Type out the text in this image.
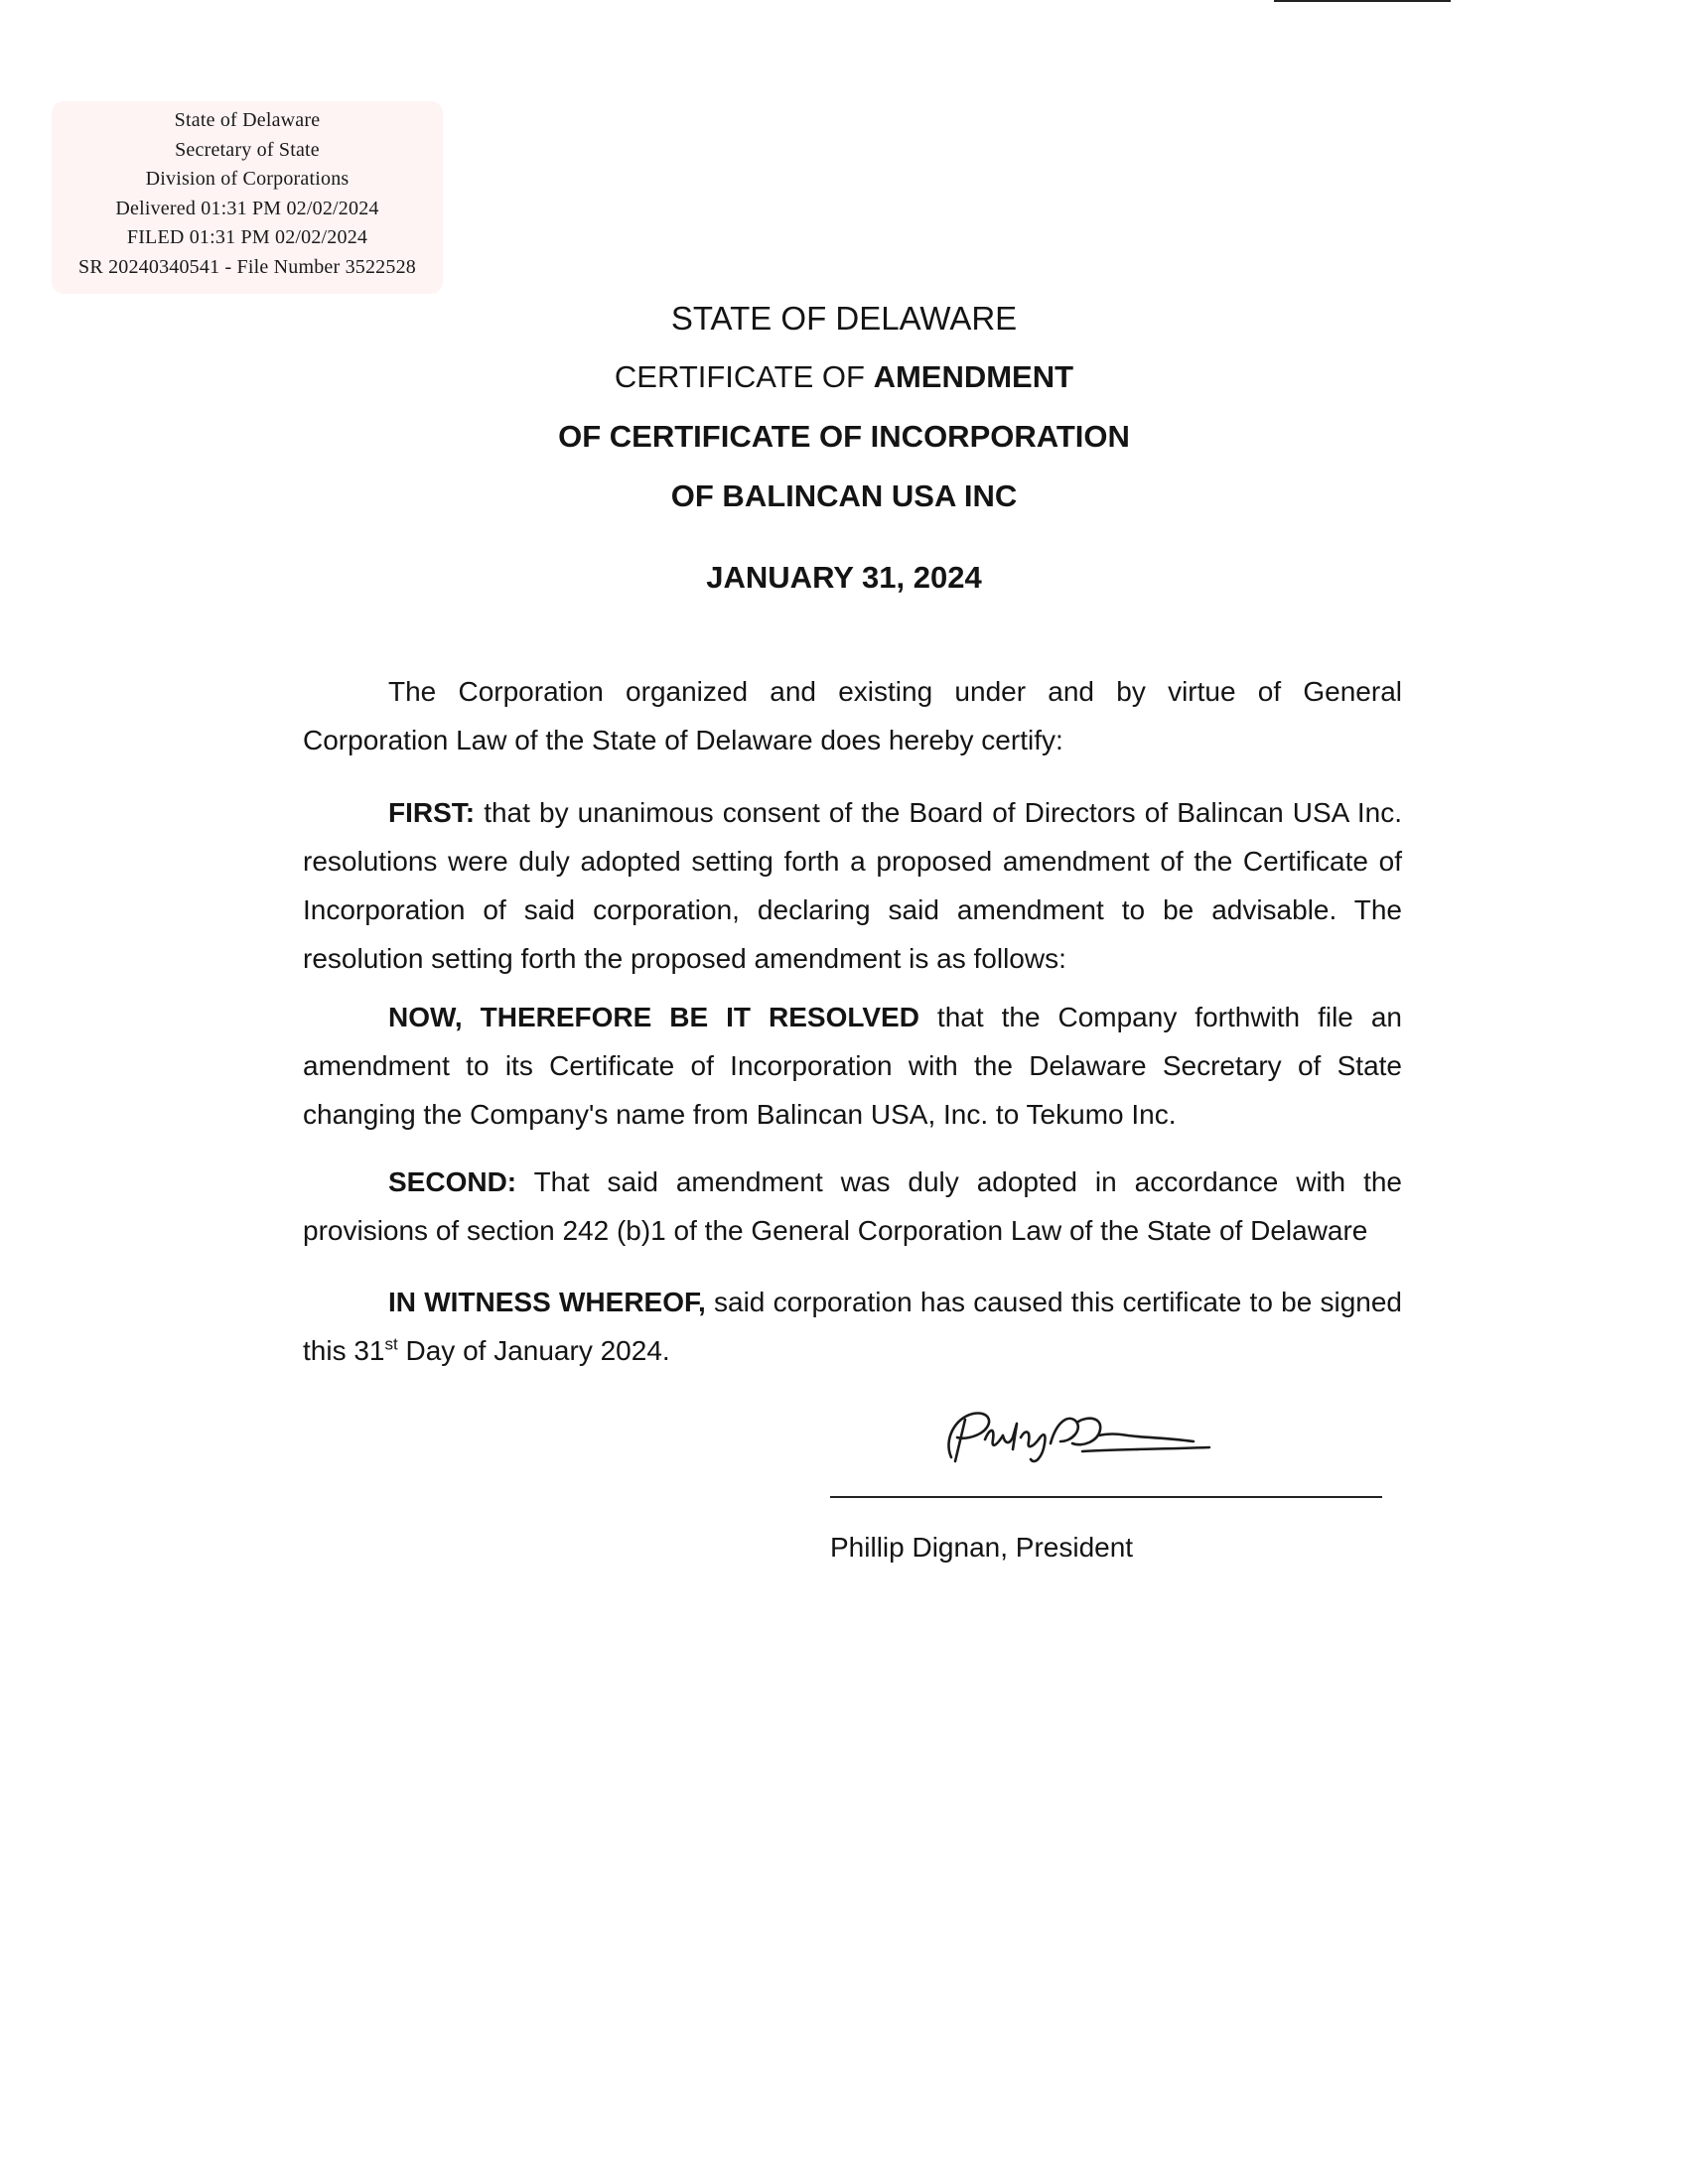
State of Delaware
Secretary of State
Division of Corporations
Delivered 01:31 PM 02/02/2024
FILED 01:31 PM 02/02/2024
SR 20240340541 - File Number 3522528
STATE OF DELAWARE
CERTIFICATE OF AMENDMENT
OF CERTIFICATE OF INCORPORATION
OF BALINCAN USA INC
JANUARY 31, 2024

The Corporation organized and existing under and by virtue of General Corporation Law of the State of Delaware does hereby certify:

FIRST: that by unanimous consent of the Board of Directors of Balincan USA Inc. resolutions were duly adopted setting forth a proposed amendment of the Certificate of Incorporation of said corporation, declaring said amendment to be advisable. The resolution setting forth the proposed amendment is as follows:

NOW, THEREFORE BE IT RESOLVED that the Company forthwith file an amendment to its Certificate of Incorporation with the Delaware Secretary of State changing the Company's name from Balincan USA, Inc. to Tekumo Inc.

SECOND: That said amendment was duly adopted in accordance with the provisions of section 242 (b)1 of the General Corporation Law of the State of Delaware

IN WITNESS WHEREOF, said corporation has caused this certificate to be signed this 31st Day of January 2024.

Phillip Dignan, President
